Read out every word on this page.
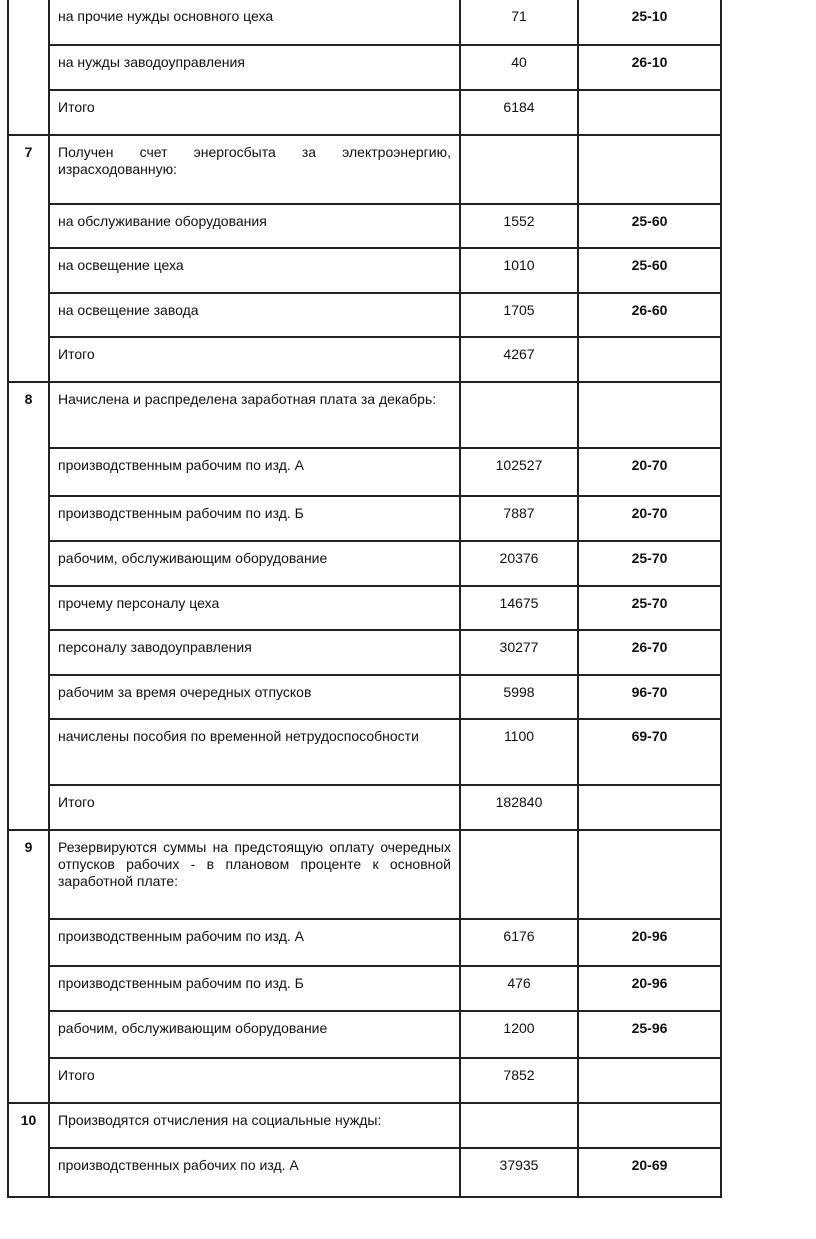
	на прочие нужды основного цеха	71	25-10
	на нужды заводоуправления	40	26-10
	Итого	6184	
7	Получен счет энергосбыта за электроэнергию, израсходованную:		
	на обслуживание оборудования	1552	25-60
	на освещение цеха	1010	25-60
	на освещение завода	1705	26-60
	Итого	4267	
8	Начислена и распределена заработная плата за декабрь:		
	производственным рабочим по изд. А	102527	20-70
	производственным рабочим по изд. Б	7887	20-70
	рабочим, обслуживающим оборудование	20376	25-70
	прочему персоналу цеха	14675	25-70
	персоналу заводоуправления	30277	26-70
	рабочим за время очередных отпусков	5998	96-70
	начислены пособия по временной нетрудоспособности	1100	69-70
	Итого	182840	
9	Резервируются суммы на предстоящую оплату очередных отпусков рабочих - в плановом проценте к основной заработной плате:		
	производственным рабочим по изд. А	6176	20-96
	производственным рабочим по изд. Б	476	20-96
	рабочим, обслуживающим оборудование	1200	25-96
	Итого	7852	
10	Производятся отчисления на социальные нужды:		
	производственных рабочих по изд. А	37935	20-69
